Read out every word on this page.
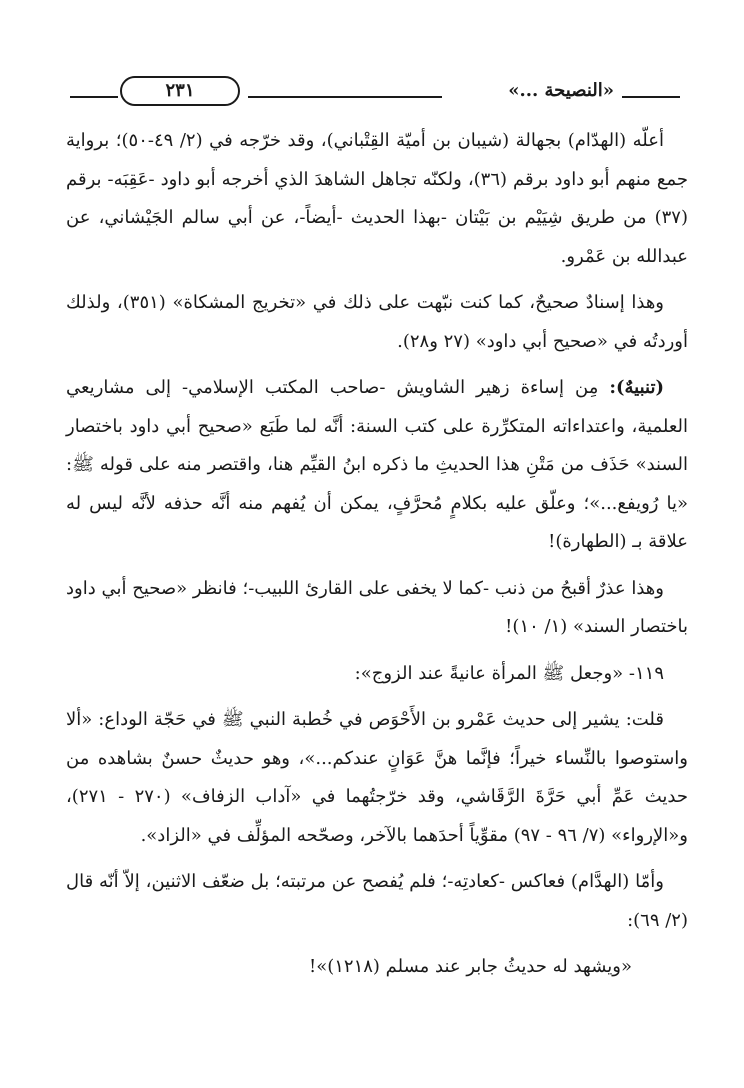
«النصيحة ...»
٢٣١

أعلّه (الهدّام) بجهالة (شيبان بن أميّة القِتْباني)، وقد خرّجه في (٢/ ٤٩-٥٠)؛ برواية جمع منهم أبو داود برقم (٣٦)، ولكنّه تجاهل الشاهدَ الذي أخرجه أبو داود -عَقِبَه- برقم (٣٧) من طريق شِيَيْم بن بَيْتان -بهذا الحديث -أيضاً-، عن أبي سالم الجَيْشاني، عن عبدالله بن عَمْرو.

وهذا إسنادٌ صحيحٌ، كما كنت نبّهت على ذلك في «تخريج المشكاة» (٣٥١)، ولذلك أوردتُه في «صحيح أبي داود» (٢٧ و٢٨).

(تنبيهٌ): مِن إساءة زهير الشاويش -صاحب المكتب الإسلامي- إلى مشاريعي العلمية، واعتداءاته المتكرِّرة على كتب السنة: أنَّه لما طَبَع «صحيح أبي داود باختصار السند» حَذَف من مَتْنِ هذا الحديثِ ما ذكره ابنُ القيِّم هنا، واقتصر منه على قوله ﷺ: «يا رُويفع...»؛ وعلّق عليه بكلامٍ مُحرَّفٍ، يمكن أن يُفهم منه أنَّه حذفه لأنَّه ليس له علاقة بـ (الطهارة)!

وهذا عذرٌ أقبحُ من ذنب -كما لا يخفى على القارئ اللبيب-؛ فانظر «صحيح أبي داود باختصار السند» (١/ ١٠)!

١١٩- «وجعل ﷺ المرأة عانيةً عند الزوج»:

قلت: يشير إلى حديث عَمْرو بن الأَحْوَص في خُطبة النبي ﷺ في حَجّة الوداع: «ألا واستوصوا بالنِّساء خيراً؛ فإنَّما هنَّ عَوَانٍ عندكم...»، وهو حديثٌ حسنٌ بشاهده من حديث عَمِّ أبي حَرَّةَ الرَّقَاشي، وقد خرّجتُهما في «آداب الزفاف» (٢٧٠ - ٢٧١)، و«الإرواء» (٧/ ٩٦ - ٩٧) مقوِّياً أحدَهما بالآخر، وصحّحه المؤلِّف في «الزاد».

وأمّا (الهدَّام) فعاكس -كعادتِه-؛ فلم يُفصح عن مرتبته؛ بل ضعّف الاثنين، إلاّ أنّه قال (٢/ ٦٩):

«ويشهد له حديثُ جابر عند مسلم (١٢١٨)»!
